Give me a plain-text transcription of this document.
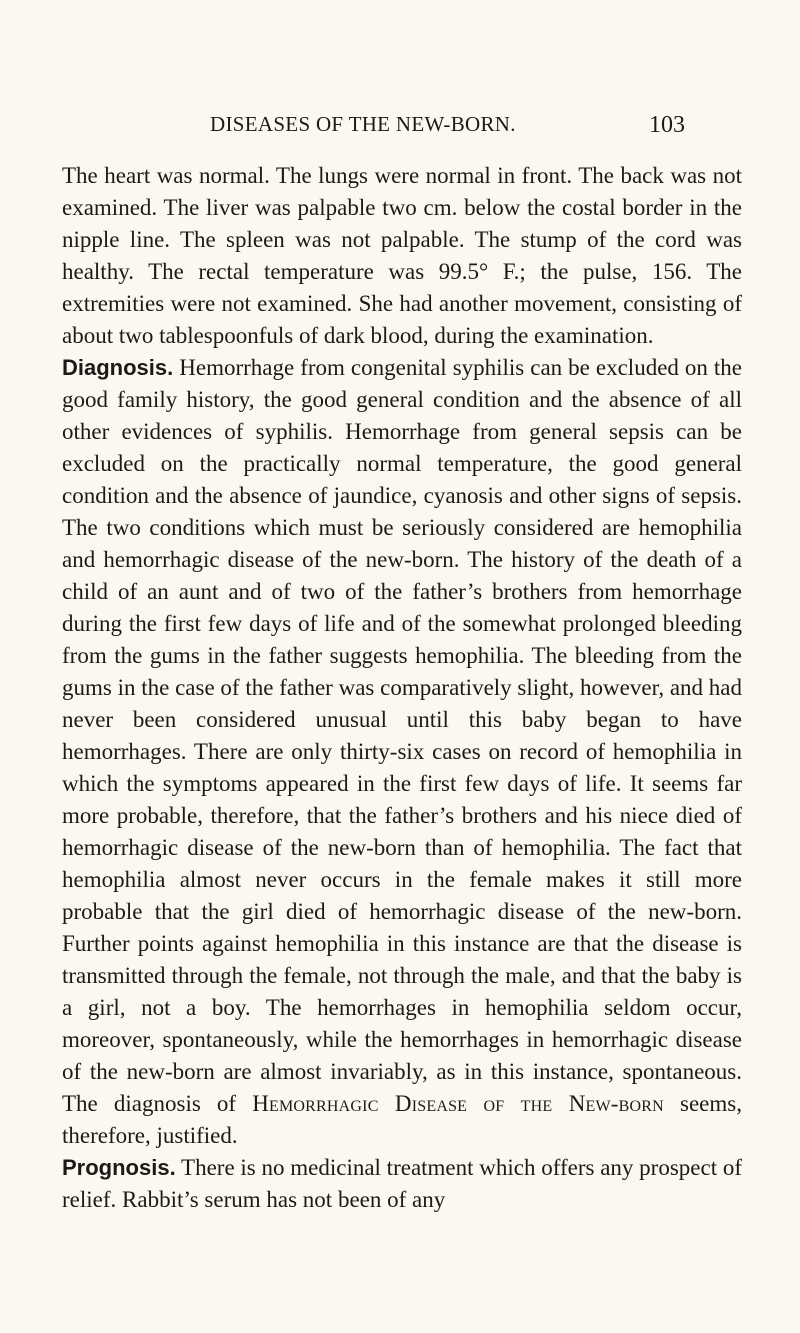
DISEASES OF THE NEW-BORN.	103

The heart was normal. The lungs were normal in front. The back was not examined. The liver was palpable two cm. below the costal border in the nipple line. The spleen was not palpable. The stump of the cord was healthy. The rectal temperature was 99.5° F.; the pulse, 156. The extremities were not examined. She had another movement, consisting of about two tablespoonfuls of dark blood, during the examination.

Diagnosis. Hemorrhage from congenital syphilis can be excluded on the good family history, the good general condition and the absence of all other evidences of syphilis. Hemorrhage from general sepsis can be excluded on the practically normal temperature, the good general condition and the absence of jaundice, cyanosis and other signs of sepsis. The two conditions which must be seriously considered are hemophilia and hemorrhagic disease of the new-born. The history of the death of a child of an aunt and of two of the father’s brothers from hemorrhage during the first few days of life and of the somewhat prolonged bleeding from the gums in the father suggests hemophilia. The bleeding from the gums in the case of the father was comparatively slight, however, and had never been considered unusual until this baby began to have hemorrhages. There are only thirty-six cases on record of hemophilia in which the symptoms appeared in the first few days of life. It seems far more probable, therefore, that the father’s brothers and his niece died of hemorrhagic disease of the new-born than of hemophilia. The fact that hemophilia almost never occurs in the female makes it still more probable that the girl died of hemorrhagic disease of the new-born. Further points against hemophilia in this instance are that the disease is transmitted through the female, not through the male, and that the baby is a girl, not a boy. The hemorrhages in hemophilia seldom occur, moreover, spontaneously, while the hemorrhages in hemorrhagic disease of the new-born are almost invariably, as in this instance, spontaneous. The diagnosis of Hemorrhagic Disease of the New-born seems, therefore, justified.

Prognosis. There is no medicinal treatment which offers any prospect of relief. Rabbit’s serum has not been of any
